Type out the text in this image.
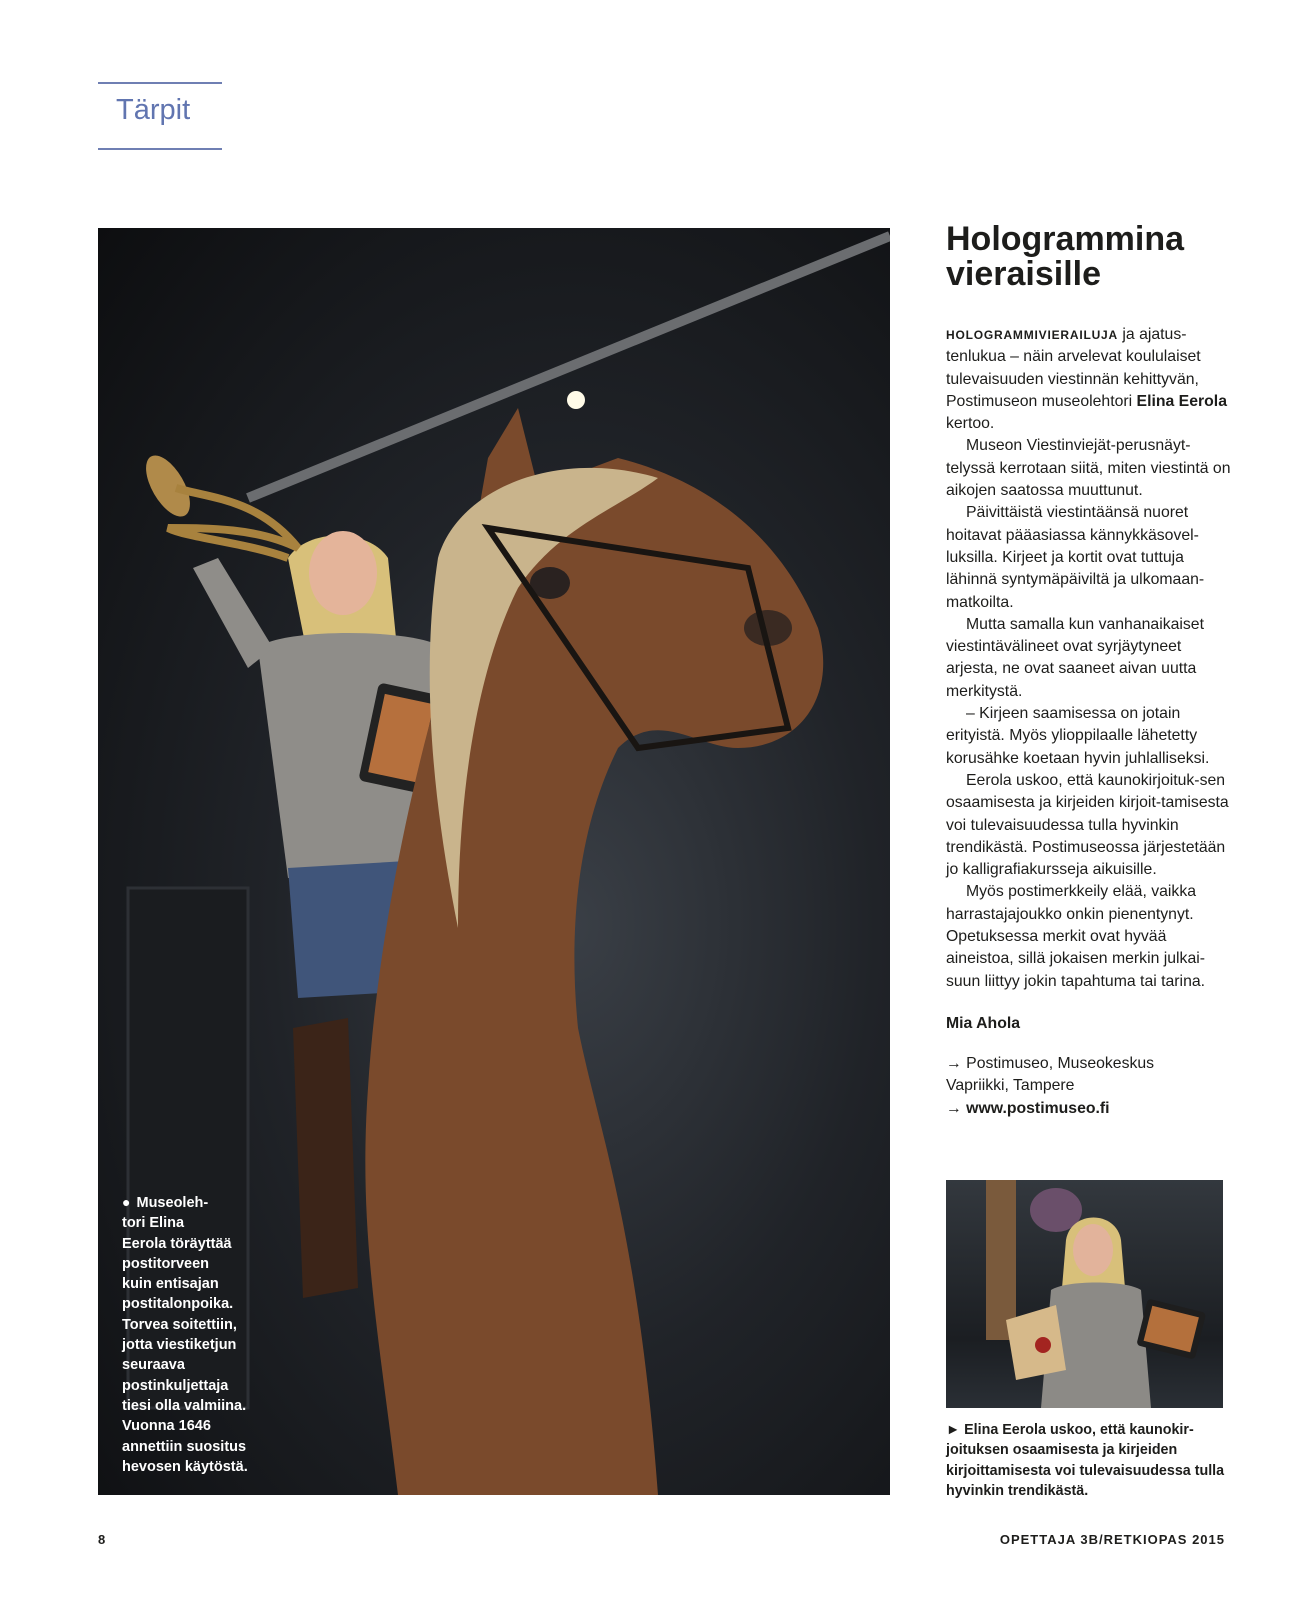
Tärpit
● Museoleh-
tori Elina
Eerola töräyttää
postitorveen
kuin entisajan
postitalonpoika.
Torvea soitettiin,
jotta viestiketjun
seuraava
postinkuljettaja
tiesi olla valmiina.
Vuonna 1646
annettiin suositus
hevosen käytöstä.
Hologrammina vieraisille

HOLOGRAMMIVIERAILUJA ja ajatus-tenlukua – näin arvelevat koululaiset tulevaisuuden viestinnän kehittyvän, Postimuseon museolehtori Elina Eerola kertoo.

Museon Viestinviejät-perusnäyt-telyssä kerrotaan siitä, miten viestintä on aikojen saatossa muuttunut.

Päivittäistä viestintäänsä nuoret hoitavat pääasiassa kännykkäsovel-luksilla. Kirjeet ja kortit ovat tuttuja lähinnä syntymäpäiviltä ja ulkomaan-matkoilta.

Mutta samalla kun vanhanaikaiset viestintävälineet ovat syrjäytyneet arjesta, ne ovat saaneet aivan uutta merkitystä.

– Kirjeen saamisessa on jotain erityistä. Myös ylioppilaalle lähetetty korusähke koetaan hyvin juhlalliseksi.

Eerola uskoo, että kaunokirjoituk-sen osaamisesta ja kirjeiden kirjoit-tamisesta voi tulevaisuudessa tulla hyvinkin trendikästä. Postimuseossa järjestetään jo kalligrafiakursseja aikuisille.

Myös postimerkkeily elää, vaikka harrastajajoukko onkin pienentynyt. Opetuksessa merkit ovat hyvää aineistoa, sillä jokaisen merkin julkai-suun liittyy jokin tapahtuma tai tarina.

Mia Ahola
→ Postimuseo, Museokeskus
Vapriikki, Tampere
→ www.postimuseo.fi
► Elina Eerola uskoo, että kaunokir-joituksen osaamisesta ja kirjeiden kirjoittamisesta voi tulevaisuudessa tulla hyvinkin trendikästä.
8	OPETTAJA 3B/RETKIOPAS 2015
